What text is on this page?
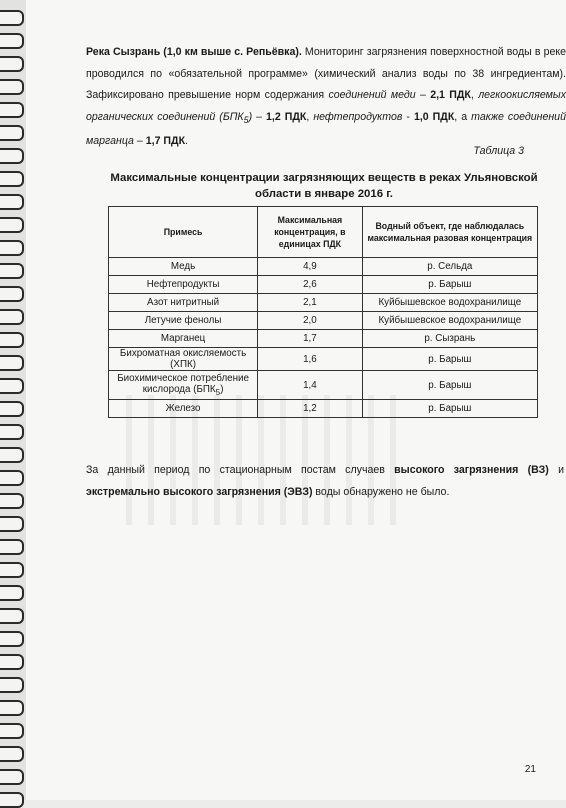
Река Сызрань (1,0 км выше с. Репьёвка). Мониторинг загрязнения поверхностной воды в реке проводился по «обязательной программе» (химический анализ воды по 38 ингредиентам). Зафиксировано превышение норм содержания соединений меди – 2,1 ПДК, легкоокисляемых органических соединений $(БПК_5) - 1,2$ ПДК, нефтепродуктов - 1,0 ПДК, а также соединений марганца – 1,7 ПДК.

Таблица 3
Максимальные концентрации загрязняющих веществ в реках Ульяновской области в январе 2016 г.
Примесь	Максимальная концентрация, в единицах ПДК	Водный объект, где наблюдалась максимальная разовая концентрация
Медь	4,9	р. Сельда
Нефтепродукты	2,6	р. Барыш
Азот нитритный	2,1	Куйбышевское водохранилище
Летучие фенолы	2,0	Куйбышевское водохранилище
Марганец	1,7	р. Сызрань
Бихроматная окисляемость (ХПК)	1,6	р. Барыш
Биохимическое потребление кислорода $(БПК_5)$	1,4	р. Барыш
Железо	1,2	р. Барыш

За данный период по стационарным постам случаев высокого загрязнения (ВЗ) и экстремально высокого загрязнения (ЭВЗ) воды обнаружено не было.

21
